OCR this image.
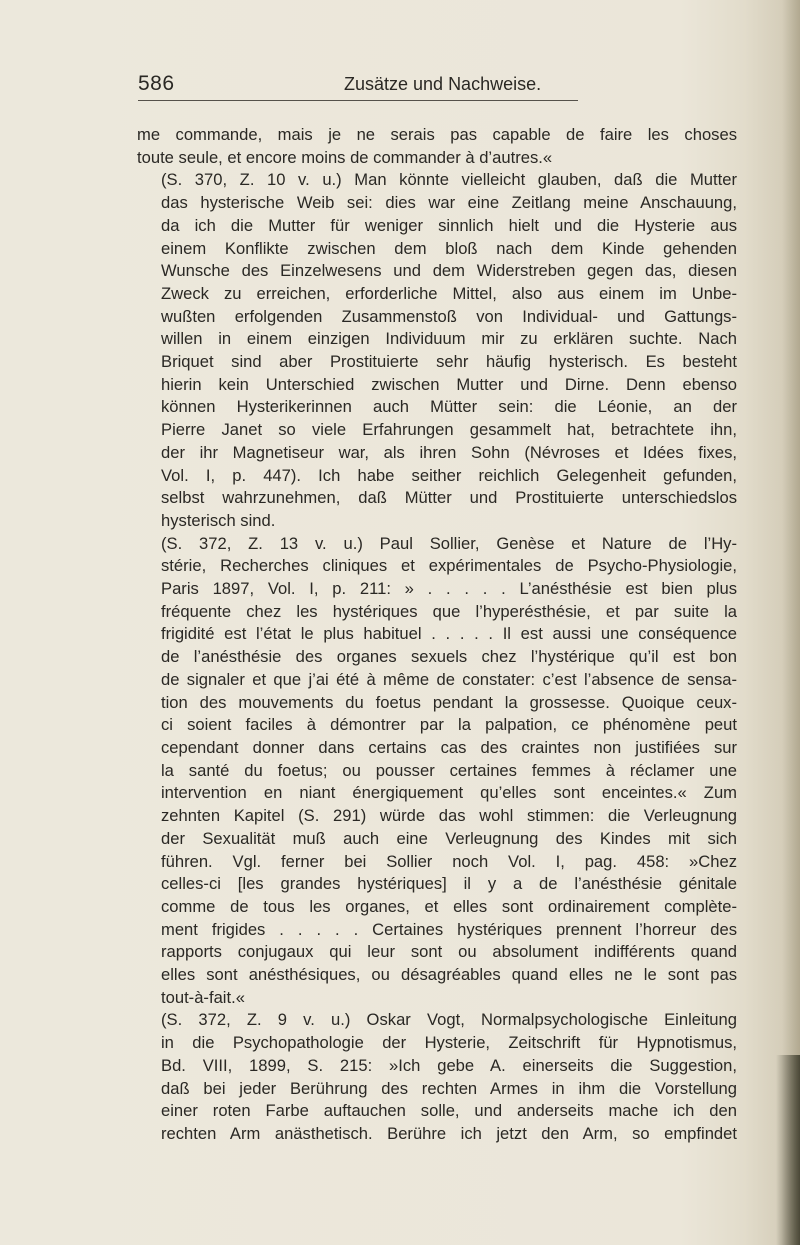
586	Zusätze und Nachweise.
me commande, mais je ne serais pas capable de faire les choses
toute seule, et encore moins de commander à d’autres.«
(S. 370, Z. 10 v. u.) Man könnte vielleicht glauben, daß die Mutter
das hysterische Weib sei: dies war eine Zeitlang meine Anschauung,
da ich die Mutter für weniger sinnlich hielt und die Hysterie aus
einem Konflikte zwischen dem bloß nach dem Kinde gehenden
Wunsche des Einzelwesens und dem Widerstreben gegen das, diesen
Zweck zu erreichen, erforderliche Mittel, also aus einem im Unbe-
wußten erfolgenden Zusammenstoß von Individual- und Gattungs-
willen in einem einzigen Individuum mir zu erklären suchte. Nach
Briquet sind aber Prostituierte sehr häufig hysterisch. Es besteht
hierin kein Unterschied zwischen Mutter und Dirne. Denn ebenso
können Hysterikerinnen auch Mütter sein: die Léonie, an der
Pierre Janet so viele Erfahrungen gesammelt hat, betrachtete ihn,
der ihr Magnetiseur war, als ihren Sohn (Névroses et Idées fixes,
Vol. I, p. 447). Ich habe seither reichlich Gelegenheit gefunden,
selbst wahrzunehmen, daß Mütter und Prostituierte unterschiedslos
hysterisch sind.
(S. 372, Z. 13 v. u.) Paul Sollier, Genèse et Nature de l’Hy-
stérie, Recherches cliniques et expérimentales de Psycho-Physiologie,
Paris 1897, Vol. I, p. 211: » . . . . . L’anésthésie est bien plus
fréquente chez les hystériques que l’hyperésthésie, et par suite la
frigidité est l’état le plus habituel . . . . . Il est aussi une conséquence
de l’anésthésie des organes sexuels chez l’hystérique qu’il est bon
de signaler et que j’ai été à même de constater: c’est l’absence de sensa-
tion des mouvements du foetus pendant la grossesse. Quoique ceux-
ci soient faciles à démontrer par la palpation, ce phénomène peut
cependant donner dans certains cas des craintes non justifiées sur
la santé du foetus; ou pousser certaines femmes à réclamer une
intervention en niant énergiquement qu’elles sont enceintes.« Zum
zehnten Kapitel (S. 291) würde das wohl stimmen: die Verleugnung
der Sexualität muß auch eine Verleugnung des Kindes mit sich
führen. Vgl. ferner bei Sollier noch Vol. I, pag. 458: »Chez
celles-ci [les grandes hystériques] il y a de l’anésthésie génitale
comme de tous les organes, et elles sont ordinairement complète-
ment frigides . . . . . Certaines hystériques prennent l’horreur des
rapports conjugaux qui leur sont ou absolument indifférents quand
elles sont anésthésiques, ou désagréables quand elles ne le sont pas
tout-à-fait.«
(S. 372, Z. 9 v. u.) Oskar Vogt, Normalpsychologische Einleitung
in die Psychopathologie der Hysterie, Zeitschrift für Hypnotismus,
Bd. VIII, 1899, S. 215: »Ich gebe A. einerseits die Suggestion,
daß bei jeder Berührung des rechten Armes in ihm die Vorstellung
einer roten Farbe auftauchen solle, und anderseits mache ich den
rechten Arm anästhetisch. Berühre ich jetzt den Arm, so empfindet
